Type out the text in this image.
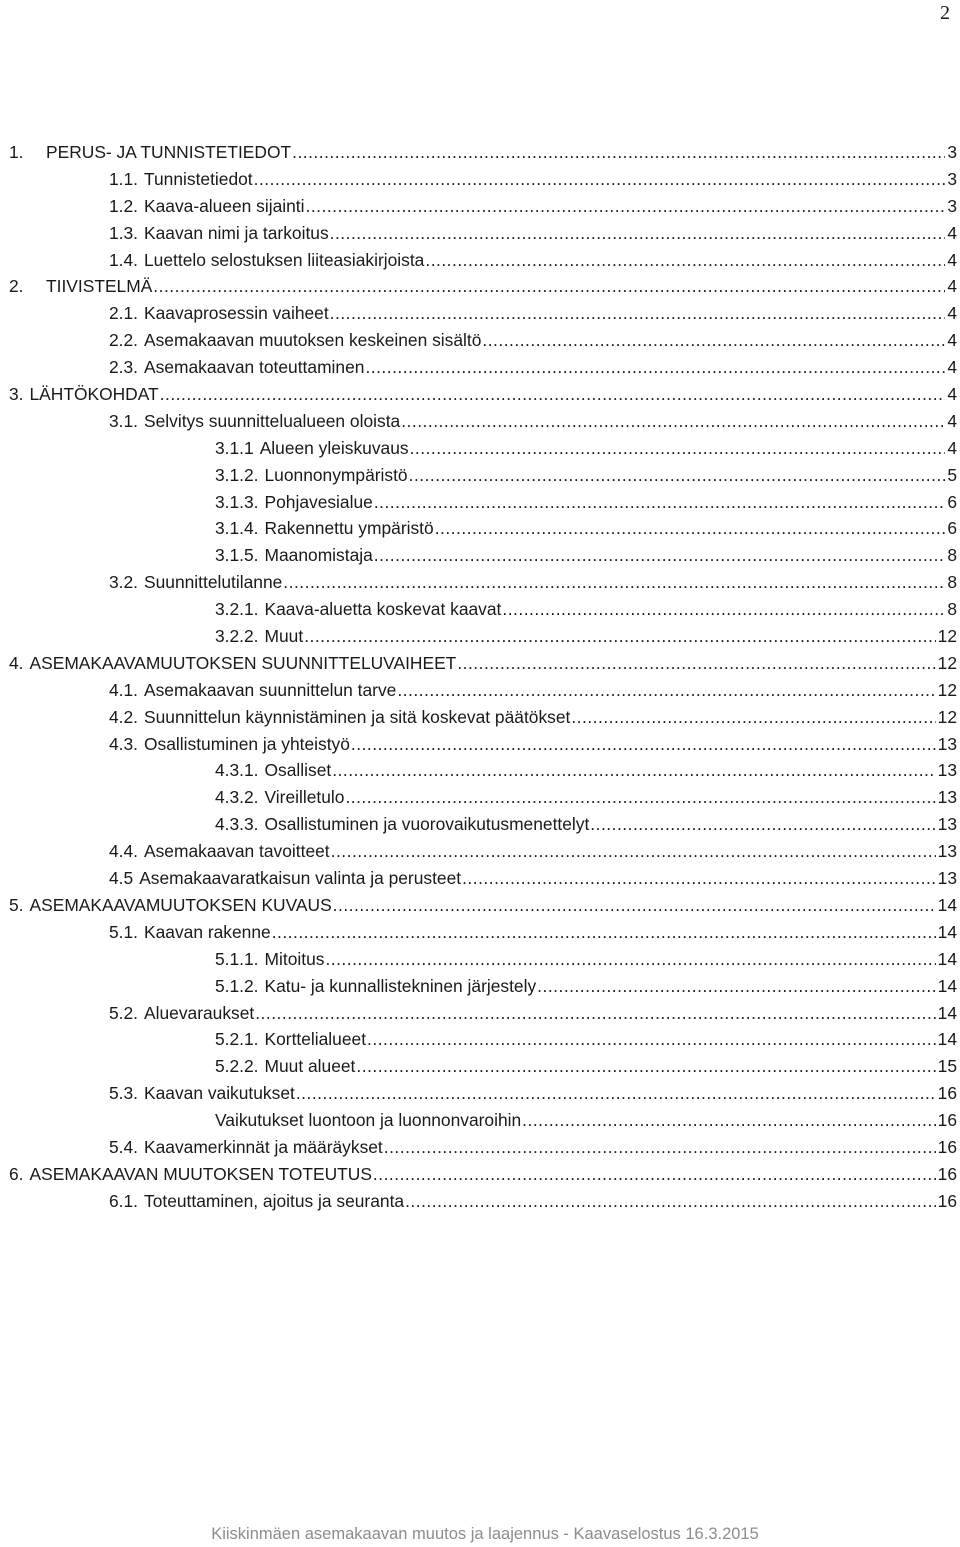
2
1.	PERUS- JA TUNNISTETIEDOT .....	3
1.1. Tunnistetiedot .....	3
1.2. Kaava-alueen sijainti .....	3
1.3. Kaavan nimi ja tarkoitus .....	4
1.4. Luettelo selostuksen liiteasiakirjoista .....	4
2.	TIIVISTELMÄ .....	4
2.1. Kaavaprosessin vaiheet .....	4
2.2. Asemakaavan muutoksen keskeinen sisältö .....	4
2.3. Asemakaavan toteuttaminen .....	4
3. LÄHTÖKOHDAT .....	4
3.1. Selvitys suunnittelualueen oloista .....	4
3.1.1 Alueen yleiskuvaus .....	4
3.1.2. Luonnonympäristö .....	5
3.1.3. Pohjavesialue .....	6
3.1.4. Rakennettu ympäristö .....	6
3.1.5. Maanomistaja .....	8
3.2. Suunnittelutilanne .....	8
3.2.1. Kaava-aluetta koskevat kaavat .....	8
3.2.2. Muut .....	12
4. ASEMAKAAVAMUUTOKSEN SUUNNITTELUVAIHEET .....	12
4.1. Asemakaavan suunnittelun tarve .....	12
4.2. Suunnittelun käynnistäminen ja sitä koskevat päätökset .....	12
4.3. Osallistuminen ja yhteistyö .....	13
4.3.1. Osalliset .....	13
4.3.2. Vireilletulo .....	13
4.3.3. Osallistuminen ja vuorovaikutusmenettelyt .....	13
4.4. Asemakaavan tavoitteet .....	13
4.5 Asemakaavaratkaisun valinta ja perusteet .....	13
5. ASEMAKAAVAMUUTOKSEN KUVAUS .....	14
5.1. Kaavan rakenne .....	14
5.1.1. Mitoitus .....	14
5.1.2. Katu- ja kunnallistekninen järjestely .....	14
5.2. Aluevaraukset .....	14
5.2.1. Korttelialueet .....	14
5.2.2. Muut alueet .....	15
5.3. Kaavan vaikutukset .....	16
Vaikutukset luontoon ja luonnonvaroihin .....	16
5.4. Kaavamerkinnät ja määräykset .....	16
6. ASEMAKAAVAN MUUTOKSEN TOTEUTUS .....	16
6.1. Toteuttaminen, ajoitus ja seuranta .....	16
Kiiskinmäen asemakaavan muutos ja laajennus - Kaavaselostus 16.3.2015
